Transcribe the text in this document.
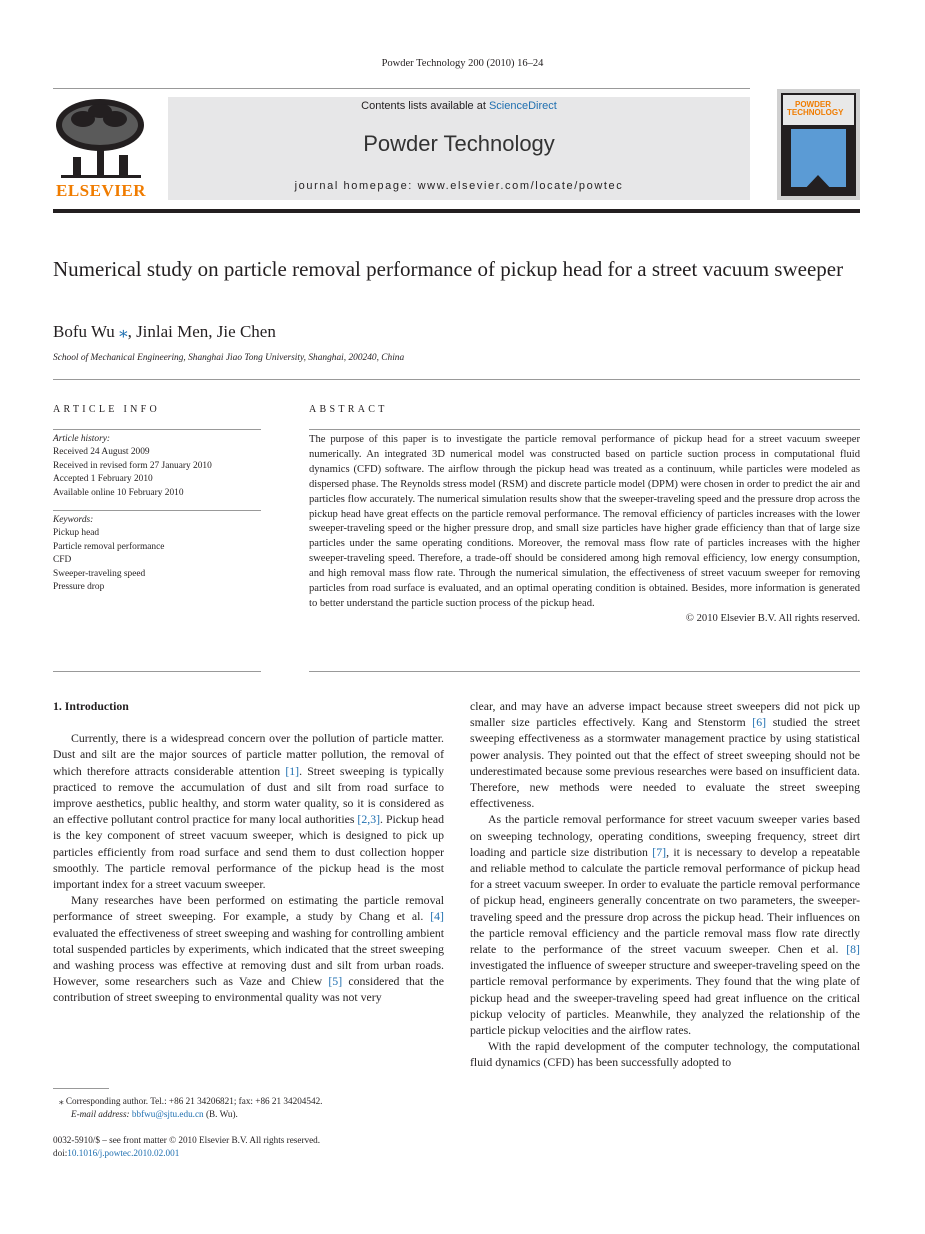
Powder Technology 200 (2010) 16–24
ELSEVIER
Contents lists available at ScienceDirect
Powder Technology
journal homepage: www.elsevier.com/locate/powtec
POWDER
TECHNOLOGY
Numerical study on particle removal performance of pickup head for a street vacuum sweeper
Bofu Wu ⁎, Jinlai Men, Jie Chen
School of Mechanical Engineering, Shanghai Jiao Tong University, Shanghai, 200240, China
ARTICLE INFO
Article history:
Received 24 August 2009
Received in revised form 27 January 2010
Accepted 1 February 2010
Available online 10 February 2010
Keywords:
Pickup head
Particle removal performance
CFD
Sweeper-traveling speed
Pressure drop
ABSTRACT
The purpose of this paper is to investigate the particle removal performance of pickup head for a street vacuum sweeper numerically. An integrated 3D numerical model was constructed based on particle suction process in computational fluid dynamics (CFD) software. The airflow through the pickup head was treated as a continuum, while particles were modeled as dispersed phase. The Reynolds stress model (RSM) and discrete particle model (DPM) were chosen in order to predict the air and particles flow accurately. The numerical simulation results show that the sweeper-traveling speed and the pressure drop across the pickup head have great effects on the particle removal performance. The removal efficiency of particles increases with the lower sweeper-traveling speed or the higher pressure drop, and small size particles have higher grade efficiency than that of large size particles under the same operating conditions. Moreover, the removal mass flow rate of particles increases with the higher sweeper-traveling speed. Therefore, a trade-off should be considered among high removal efficiency, low energy consumption, and high removal mass flow rate. Through the numerical simulation, the effectiveness of street vacuum sweeper for removing particles from road surface is evaluated, and an optimal operating condition is obtained. Besides, more information is generated to better understand the particle suction process of the pickup head.
© 2010 Elsevier B.V. All rights reserved.
1. Introduction

Currently, there is a widespread concern over the pollution of particle matter. Dust and silt are the major sources of particle matter pollution, the removal of which therefore attracts considerable attention [1]. Street sweeping is typically practiced to remove the accumulation of dust and silt from road surface to improve aesthetics, public healthy, and storm water quality, so it is considered as an effective pollutant control practice for many local authorities [2,3]. Pickup head is the key component of street vacuum sweeper, which is designed to pick up particles efficiently from road surface and send them to dust collection hopper smoothly. The particle removal performance of the pickup head is the most important index for a street vacuum sweeper.

Many researches have been performed on estimating the particle removal performance of street sweeping. For example, a study by Chang et al. [4] evaluated the effectiveness of street sweeping and washing for controlling ambient total suspended particles by experiments, which indicated that the street sweeping and washing process was effective at removing dust and silt from urban roads. However, some researchers such as Vaze and Chiew [5] considered that the contribution of street sweeping to environmental quality was not very

clear, and may have an adverse impact because street sweepers did not pick up smaller size particles effectively. Kang and Stenstorm [6] studied the street sweeping effectiveness as a stormwater management practice by using statistical power analysis. They pointed out that the effect of street sweeping should not be underestimated because some previous researches were based on insufficient data. Therefore, new methods were needed to evaluate the street sweeping effectiveness.

As the particle removal performance for street vacuum sweeper varies based on sweeping technology, operating conditions, sweeping frequency, street dirt loading and particle size distribution [7], it is necessary to develop a repeatable and reliable method to calculate the particle removal performance of pickup head for a street vacuum sweeper. In order to evaluate the particle removal performance of pickup head, engineers generally concentrate on two parameters, the sweeper-traveling speed and the pressure drop across the pickup head. Their influences on the particle removal efficiency and the particle removal mass flow rate directly relate to the performance of the street vacuum sweeper. Chen et al. [8] investigated the influence of sweeper structure and sweeper-traveling speed on the particle removal performance by experiments. They found that the wing plate of pickup head and the sweeper-traveling speed had great influence on the critical pickup velocity of particles. Meanwhile, they analyzed the relationship of the particle pickup velocities and the airflow rates.

With the rapid development of the computer technology, the computational fluid dynamics (CFD) has been successfully adopted to

⁎ Corresponding author. Tel.: +86 21 34206821; fax: +86 21 34204542.
E-mail address: bbfwu@sjtu.edu.cn (B. Wu).
0032-5910/$ – see front matter © 2010 Elsevier B.V. All rights reserved.
doi:10.1016/j.powtec.2010.02.001
